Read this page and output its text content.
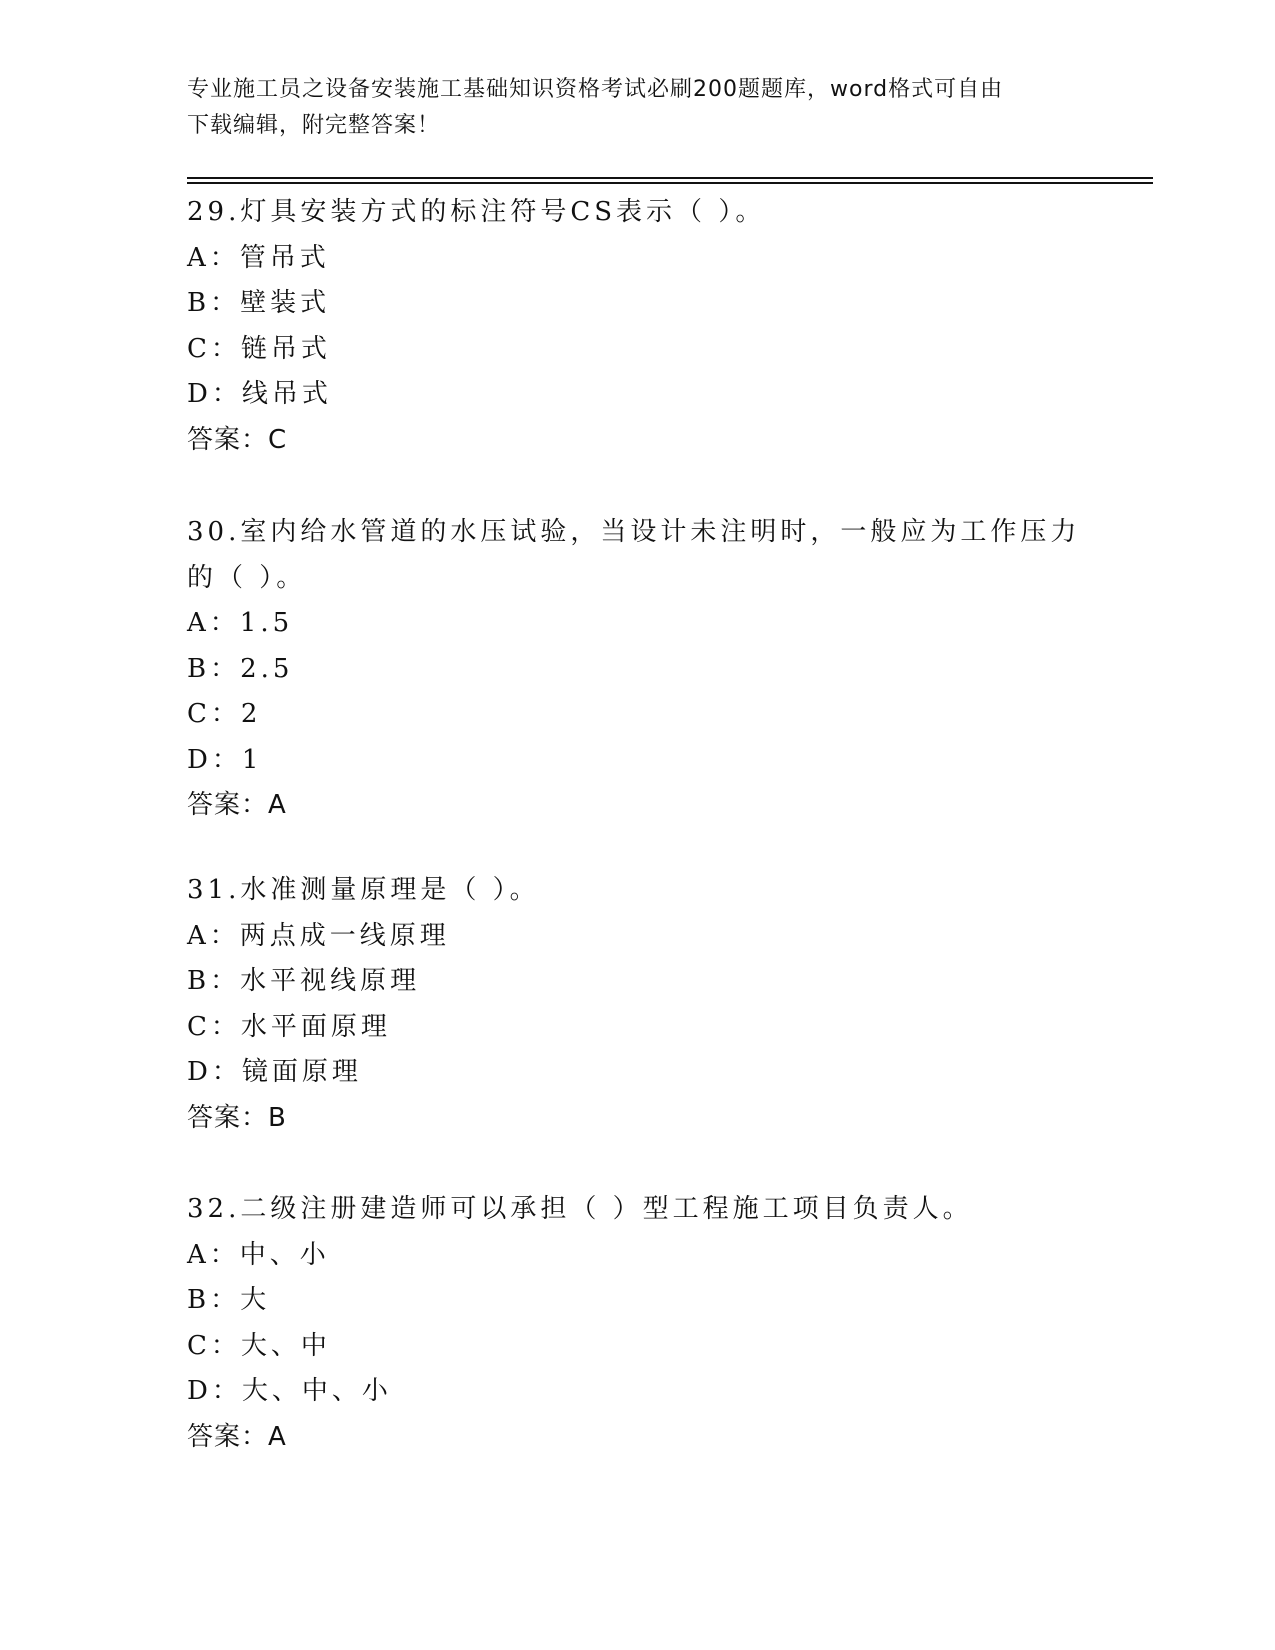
专业施工员之设备安装施工基础知识资格考试必刷200题题库，word格式可自由
下载编辑，附完整答案！
29.灯具安装方式的标注符号CS表示（ ）。
A：管吊式
B：壁装式
C：链吊式
D：线吊式
答案：C
30.室内给水管道的水压试验，当设计未注明时，一般应为工作压力的（ ）。
A：1.5
B：2.5
C：2
D：1
答案：A
31.水准测量原理是（ ）。
A：两点成一线原理
B：水平视线原理
C：水平面原理
D：镜面原理
答案：B
32.二级注册建造师可以承担（ ）型工程施工项目负责人。
A：中、小
B：大
C：大、中
D：大、中、小
答案：A
